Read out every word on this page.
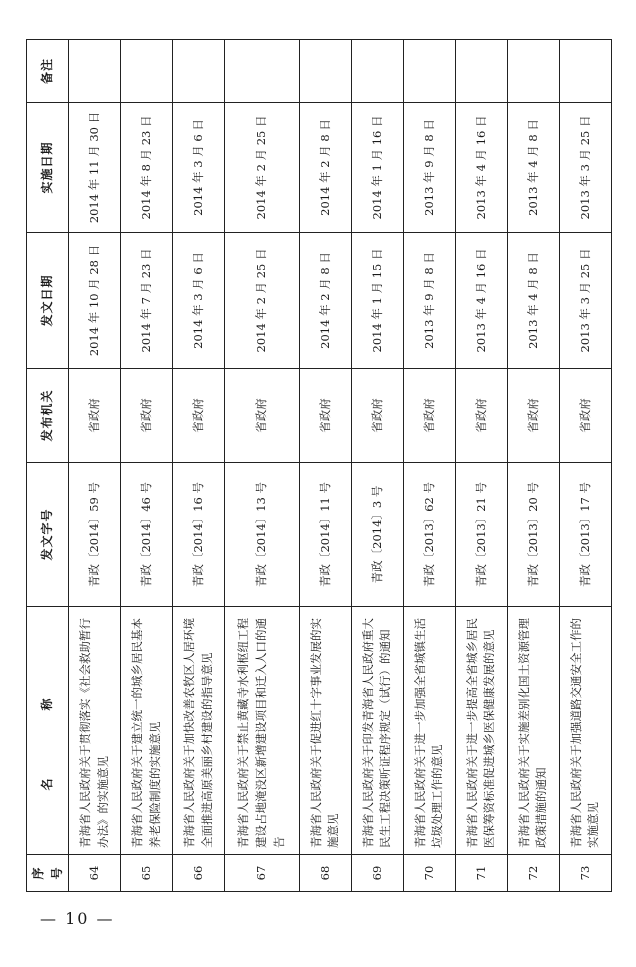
序号	名　称	发文字号	发布机关	发文日期	实施日期	备注
64	青海省人民政府关于贯彻落实《社会救助暂行办法》的实施意见	青政〔2014〕59 号	省政府	2014 年 10 月 28 日	2014 年 11 月 30 日	
65	青海省人民政府关于建立统一的城乡居民基本养老保险制度的实施意见	青政〔2014〕46 号	省政府	2014 年 7 月 23 日	2014 年 8 月 23 日	
66	青海省人民政府关于加快改善农牧区人居环境全面推进高原美丽乡村建设的指导意见	青政〔2014〕16 号	省政府	2014 年 3 月 6 日	2014 年 3 月 6 日	
67	青海省人民政府关于禁止黄藏寺水利枢纽工程建设占地淹没区新增建设项目和迁入人口的通告	青政〔2014〕13 号	省政府	2014 年 2 月 25 日	2014 年 2 月 25 日	
68	青海省人民政府关于促进红十字事业发展的实施意见	青政〔2014〕11 号	省政府	2014 年 2 月 8 日	2014 年 2 月 8 日	
69	青海省人民政府关于印发青海省人民政府重大民生工程决策听证程序规定（试行）的通知	青政〔2014〕3 号	省政府	2014 年 1 月 15 日	2014 年 1 月 16 日	
70	青海省人民政府关于进一步加强全省城镇生活垃圾处理工作的意见	青政〔2013〕62 号	省政府	2013 年 9 月 8 日	2013 年 9 月 8 日	
71	青海省人民政府关于进一步提高全省城乡居民医保筹资标准促进城乡医保健康发展的意见	青政〔2013〕21 号	省政府	2013 年 4 月 16 日	2013 年 4 月 16 日	
72	青海省人民政府关于实施差别化国土资源管理政策措施的通知	青政〔2013〕20 号	省政府	2013 年 4 月 8 日	2013 年 4 月 8 日	
73	青海省人民政府关于加强道路交通安全工作的实施意见	青政〔2013〕17 号	省政府	2013 年 3 月 25 日	2013 年 3 月 25 日	
— 10 —
